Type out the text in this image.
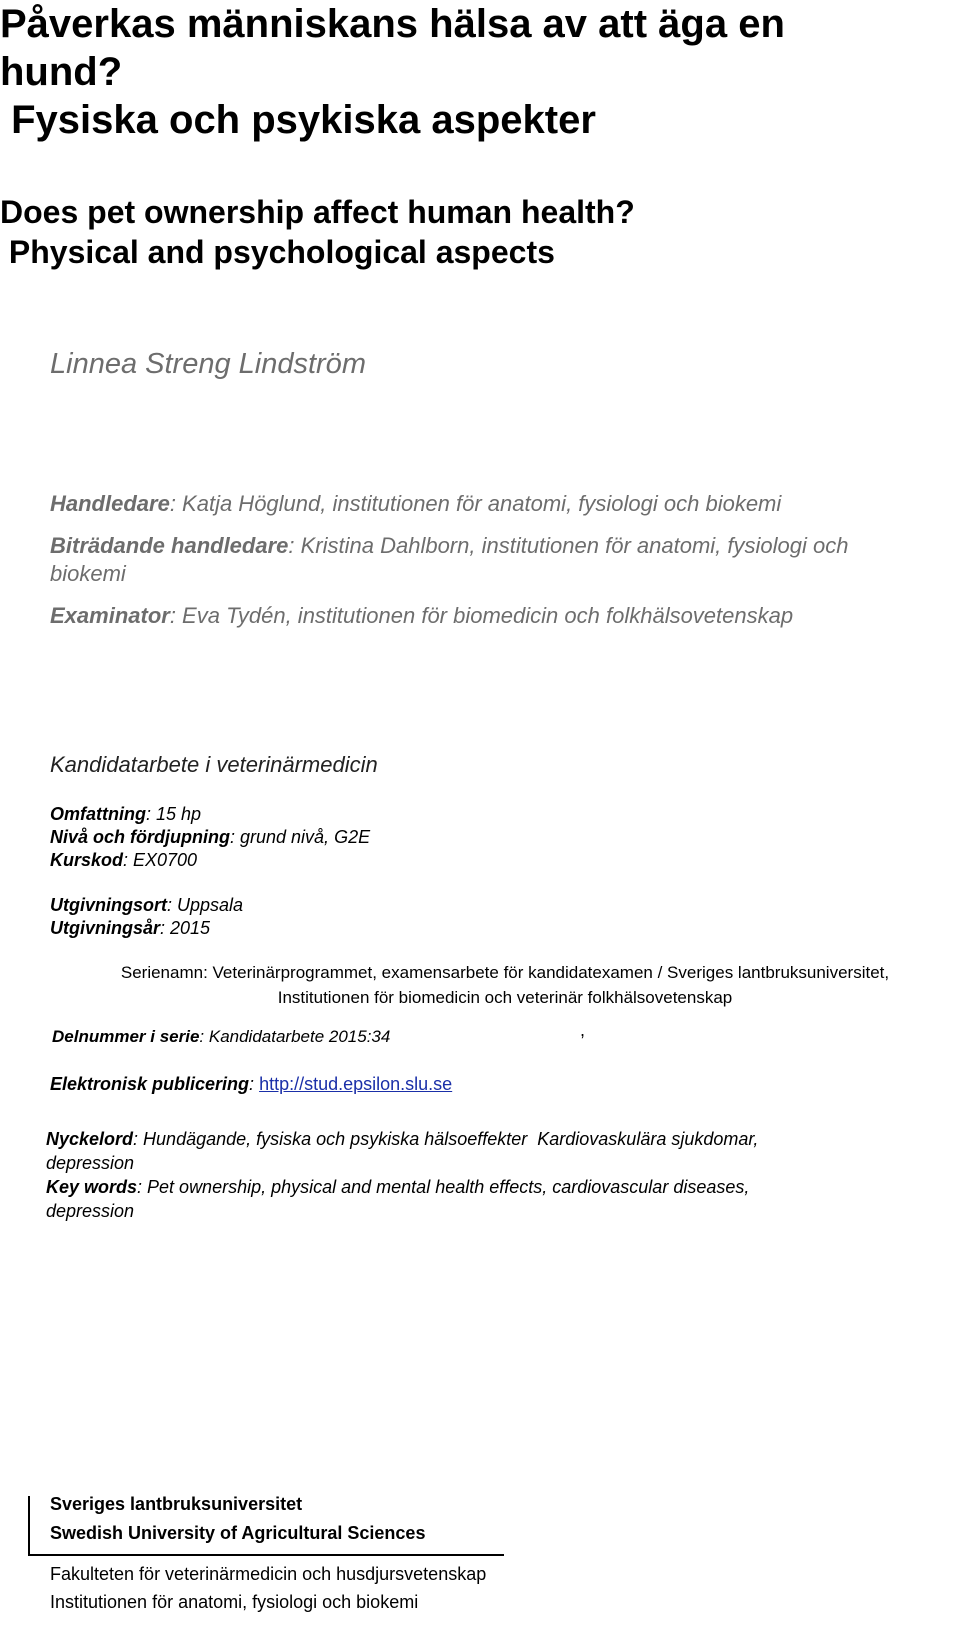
Påverkas människans hälsa av att äga en
hund?
Fysiska och psykiska aspekter
Does pet ownership affect human health?
Physical and psychological aspects
Linnea Streng Lindström
Handledare: Katja Höglund, institutionen för anatomi, fysiologi och biokemi
Biträdande handledare: Kristina Dahlborn, institutionen för anatomi, fysiologi och biokemi
Examinator: Eva Tydén, institutionen för biomedicin och folkhälsovetenskap
Kandidatarbete i veterinärmedicin
Omfattning: 15 hp
Nivå och fördjupning: grund nivå, G2E
Kurskod: EX0700
Utgivningsort: Uppsala
Utgivningsår: 2015
Serienamn: Veterinärprogrammet, examensarbete för kandidatexamen / Sveriges lantbruksuniversitet,
Institutionen för biomedicin och veterinär folkhälsovetenskap
Delnummer i serie: Kandidatarbete 2015:34	,
Elektronisk publicering: http://stud.epsilon.slu.se
Nyckelord: Hundägande, fysiska och psykiska hälsoeffekter  Kardiovaskulära sjukdomar,
depression
Key words: Pet ownership, physical and mental health effects, cardiovascular diseases,
depression
Sveriges lantbruksuniversitet
Swedish University of Agricultural Sciences
Fakulteten för veterinärmedicin och husdjursvetenskap
Institutionen för anatomi, fysiologi och biokemi
